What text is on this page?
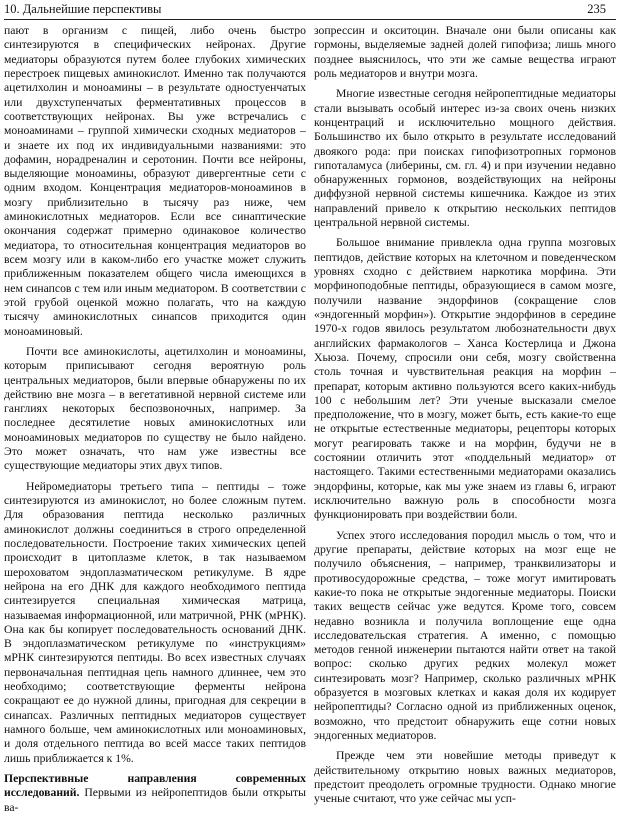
10. Дальнейшие перспективы	235

пают в организм с пищей, либо очень быстро синтезируются в специфических нейронах. Другие медиаторы образуются путем более глубоких химических перестроек пищевых аминокислот. Именно так получаются ацетилхолин и моноамины – в результате одностуенчатых или двухступенчатых ферментативных процессов в соответствующих нейронах. Вы уже встречались с моноаминами – группой химически сходных медиаторов – и знаете их под их индивидуальными названиями: это дофамин, норадреналин и серотонин. Почти все нейроны, выделяющие моноамины, образуют дивергентные сети с одним входом. Концентрация медиаторов-моноаминов в мозгу приблизительно в тысячу раз ниже, чем аминокислотных медиаторов. Если все синаптические окончания содержат примерно одинаковое количество медиатора, то относительная концентрация медиаторов во всем мозгу или в каком-либо его участке может служить приближенным показателем общего числа имеющихся в нем синапсов с тем или иным медиатором. В соответствии с этой грубой оценкой можно полагать, что на каждую тысячу аминокислотных синапсов приходится один моноаминовый.

Почти все аминокислоты, ацетилхолин и моноамины, которым приписывают сегодня вероятную роль центральных медиаторов, были впервые обнаружены по их действию вне мозга – в вегетативной нервной системе или ганглиях некоторых беспозвоночных, например. За последнее десятилетие новых аминокислотных или моноаминовых медиаторов по существу не было найдено. Это может означать, что нам уже известны все существующие медиаторы этих двух типов.

Нейромедиаторы третьего типа – пептиды – тоже синтезируются из аминокислот, но более сложным путем. Для образования пептида несколько различных аминокислот должны соединиться в строго определенной последовательности. Построение таких химических цепей происходит в цитоплазме клеток, в так называемом шероховатом эндоплазматическом ретикулуме. В ядре нейрона на его ДНК для каждого необходимого пептида синтезируется специальная химическая матрица, называемая информационной, или матричной, РНК (мРНК). Она как бы копирует последовательность оснований ДНК. В эндоплазматическом ретикулуме по «инструкциям» мРНК синтезируются пептиды. Во всех известных случаях первоначальная пептидная цепь намного длиннее, чем это необходимо; соответствующие ферменты нейрона сокращают ее до нужной длины, пригодная для секреции в синапсах. Различных пептидных медиаторов существует намного больше, чем аминокислотных или моноаминовых, и доля отдельного пептида во всей массе таких пептидов лишь приближается к 1%.

Перспективные направления современных исследований. Первыми из нейропептидов были открыты ва-

зопрессин и окситоцин. Вначале они были описаны как гормоны, выделяемые задней долей гипофиза; лишь много позднее выяснилось, что эти же самые вещества играют роль медиаторов и внутри мозга.

Многие известные сегодня нейропептидные медиаторы стали вызывать особый интерес из-за своих очень низких концентраций и исключительно мощного действия. Большинство их было открыто в результате исследований двоякого рода: при поисках гипофизотропных гормонов гипоталамуса (либерины, см. гл. 4) и при изучении недавно обнаруженных гормонов, воздействующих на нейроны диффузной нервной системы кишечника. Каждое из этих направлений привело к открытию нескольких пептидов центральной нервной системы.

Большое внимание привлекла одна группа мозговых пептидов, действие которых на клеточном и поведенческом уровнях сходно с действием наркотика морфина. Эти морфиноподобные пептиды, образующиеся в самом мозге, получили название эндорфинов (сокращение слов «эндогенный морфин»). Открытие эндорфинов в середине 1970-х годов явилось результатом любознательности двух английских фармакологов – Ханса Костерлица и Джона Хьюза. Почему, спросили они себя, мозгу свойственна столь точная и чувствительная реакция на морфин – препарат, которым активно пользуются всего каких-нибудь 100 с небольшим лет? Эти ученые высказали смелое предположение, что в мозгу, может быть, есть какие-то еще не открытые естественные медиаторы, рецепторы которых могут реагировать также и на морфин, будучи не в состоянии отличить этот «поддельный медиатор» от настоящего. Такими естественными медиаторами оказались эндорфины, которые, как мы уже знаем из главы 6, играют исключительно важную роль в способности мозга функционировать при воздействии боли.

Успех этого исследования породил мысль о том, что и другие препараты, действие которых на мозг еще не получило объяснения, – например, транквилизаторы и противосудорожные средства, – тоже могут имитировать какие-то пока не открытые эндогенные медиаторы. Поиски таких веществ сейчас уже ведутся. Кроме того, совсем недавно возникла и получила воплощение еще одна исследовательская стратегия. А именно, с помощью методов генной инженерии пытаются найти ответ на такой вопрос: сколько других редких молекул может синтезировать мозг? Например, сколько различных мРНК образуется в мозговых клетках и какая доля их кодирует нейропептиды? Согласно одной из приближенных оценок, возможно, что предстоит обнаружить еще сотни новых эндогенных медиаторов.

Прежде чем эти новейшие методы приведут к действительному открытию новых важных медиаторов, предстоит преодолеть огромные трудности. Однако многие ученые считают, что уже сейчас мы усп-
